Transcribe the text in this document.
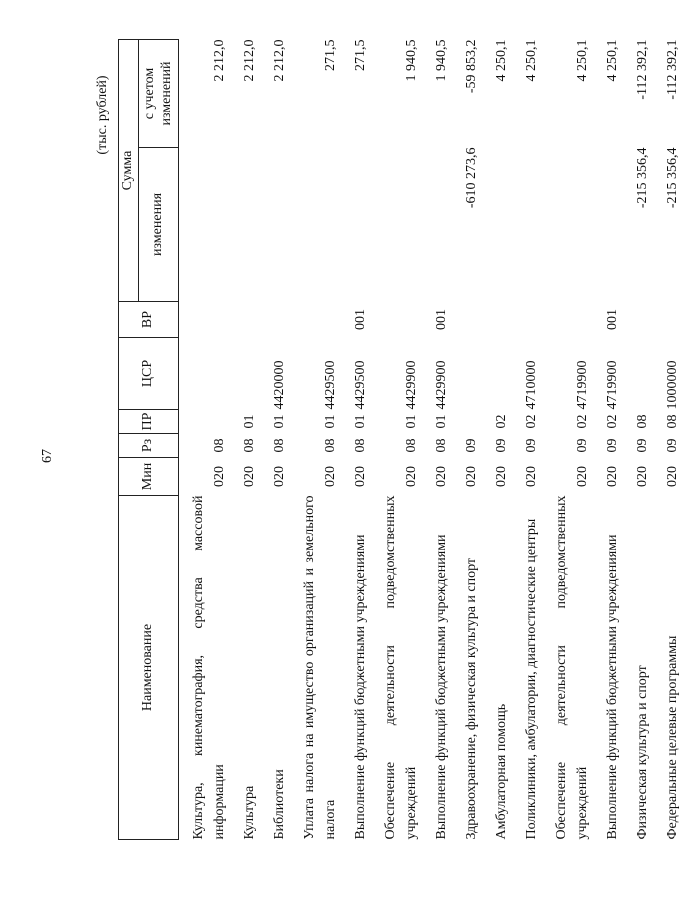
67
(тыс. рублей)
Наименование	Мин	Рз	ПР	ЦСР	ВР	Сумма	
						изменения	с учетом изменений

Культура, кинематография, средства массовой информации	020	08					2 212,0

Культура	020	08	01				2 212,0

Библиотеки	020	08	01	4420000			2 212,0

Уплата налога на имущество организаций и земельного налога	020	08	01	4429500			271,5

Выполнение функций бюджетными учреждениями	020	08	01	4429500	001		271,5

Обеспечение деятельности подведомственных учреждений	020	08	01	4429900			1 940,5

Выполнение функций бюджетными учреждениями	020	08	01	4429900	001		1 940,5

Здравоохранение, физическая культура и спорт	020	09				-610 273,6	-59 853,2

Амбулаторная помощь	020	09	02				4 250,1

Поликлиники, амбулатории, диагностические центры	020	09	02	4710000			4 250,1

Обеспечение деятельности подведомственных учреждений	020	09	02	4719900			4 250,1

Выполнение функций бюджетными учреждениями	020	09	02	4719900	001		4 250,1

Физическая культура и спорт	020	09	08			-215 356,4	-112 392,1

Федеральные целевые программы	020	09	08	1000000		-215 356,4	-112 392,1
